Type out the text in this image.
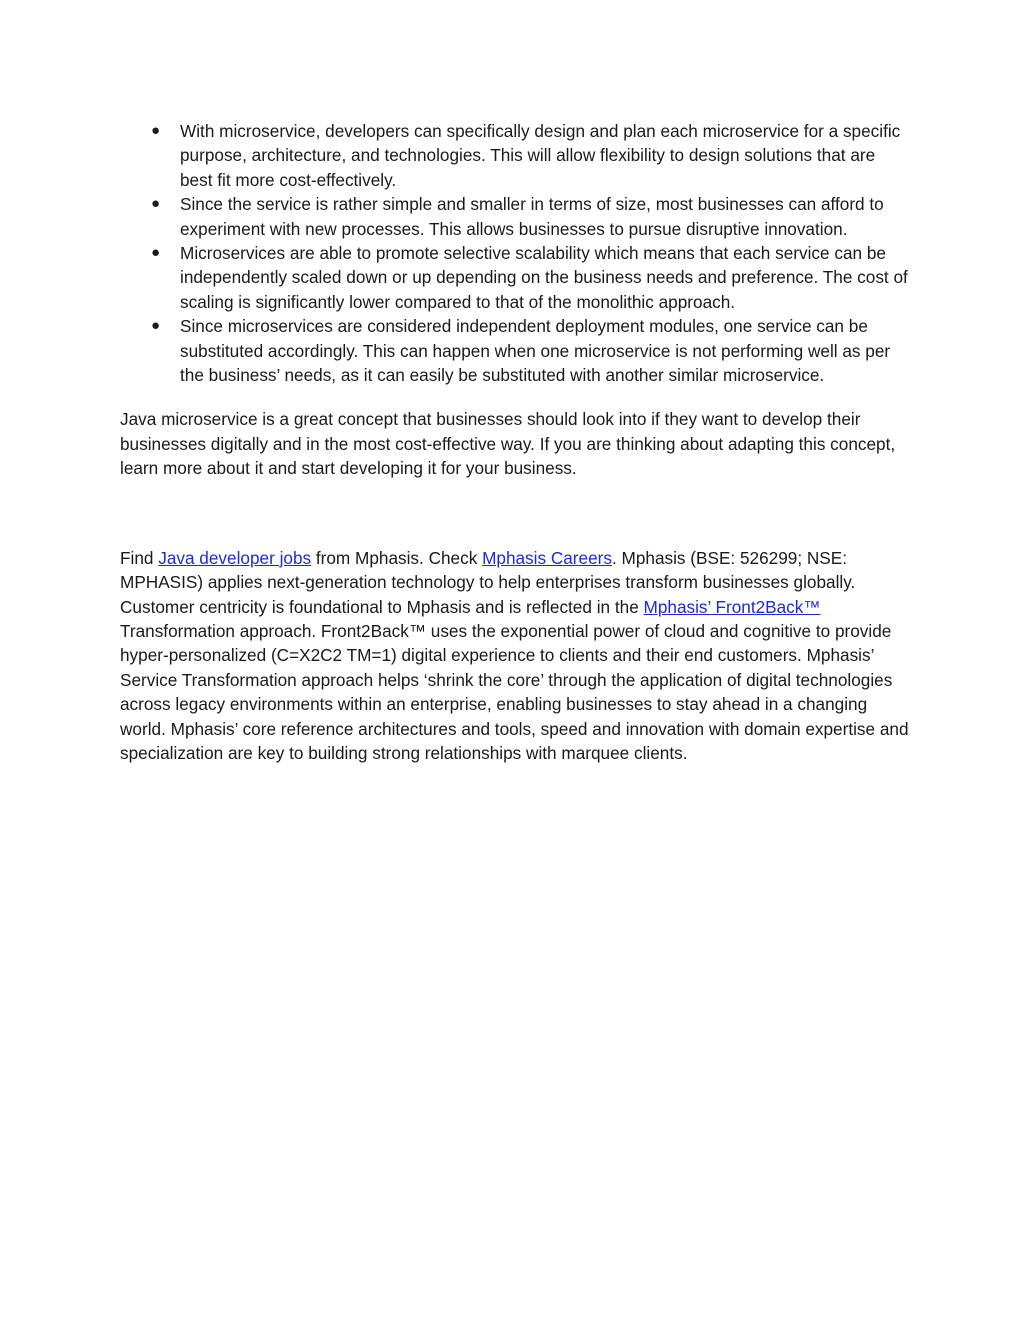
● With microservice, developers can specifically design and plan each microservice for a specific purpose, architecture, and technologies. This will allow flexibility to design solutions that are best fit more cost-effectively.
● Since the service is rather simple and smaller in terms of size, most businesses can afford to experiment with new processes. This allows businesses to pursue disruptive innovation.
● Microservices are able to promote selective scalability which means that each service can be independently scaled down or up depending on the business needs and preference. The cost of scaling is significantly lower compared to that of the monolithic approach.
● Since microservices are considered independent deployment modules, one service can be substituted accordingly. This can happen when one microservice is not performing well as per the business’ needs, as it can easily be substituted with another similar microservice.

Java microservice is a great concept that businesses should look into if they want to develop their businesses digitally and in the most cost-effective way. If you are thinking about adapting this concept, learn more about it and start developing it for your business.

Find Java developer jobs from Mphasis. Check Mphasis Careers. Mphasis (BSE: 526299; NSE: MPHASIS) applies next-generation technology to help enterprises transform businesses globally. Customer centricity is foundational to Mphasis and is reflected in the Mphasis’ Front2Back™ Transformation approach. Front2Back™ uses the exponential power of cloud and cognitive to provide hyper-personalized (C=X2C2 TM=1) digital experience to clients and their end customers. Mphasis’ Service Transformation approach helps ‘shrink the core’ through the application of digital technologies across legacy environments within an enterprise, enabling businesses to stay ahead in a changing world. Mphasis’ core reference architectures and tools, speed and innovation with domain expertise and specialization are key to building strong relationships with marquee clients.
